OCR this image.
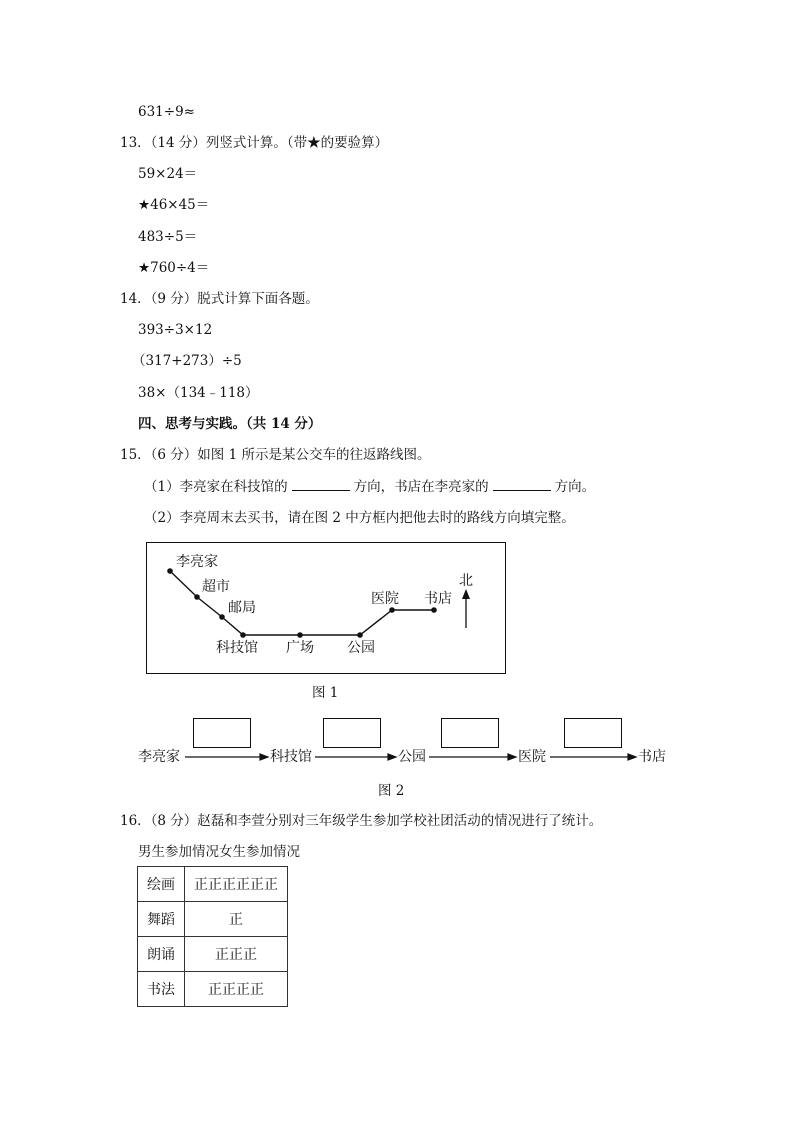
631÷9≈
13．（14 分）列竖式计算。（带★的要验算）
59×24＝
★46×45＝
483÷5＝
★760÷4＝
14．（9 分）脱式计算下面各题。
393÷3×12
（317+273）÷5
38×（134﹣118）
四、思考与实践。（共 14 分）
15．（6 分）如图 1 所示是某公交车的往返路线图。
（1）李亮家在科技馆的	方向，书店在李亮家的	方向。
（2）李亮周末去买书，请在图 2 中方框内把他去时的路线方向填完整。
李亮家
超市
邮局
科技馆 广场 公园
医院 书店
北
图 1
李亮家	科技馆	公园	医院	书店
图 2
16．（8 分）赵磊和李萱分别对三年级学生参加学校社团活动的情况进行了统计。
男生参加情况女生参加情况
绘画	正正正正正正
舞蹈	正
朗诵	正正正
书法	正正正正
